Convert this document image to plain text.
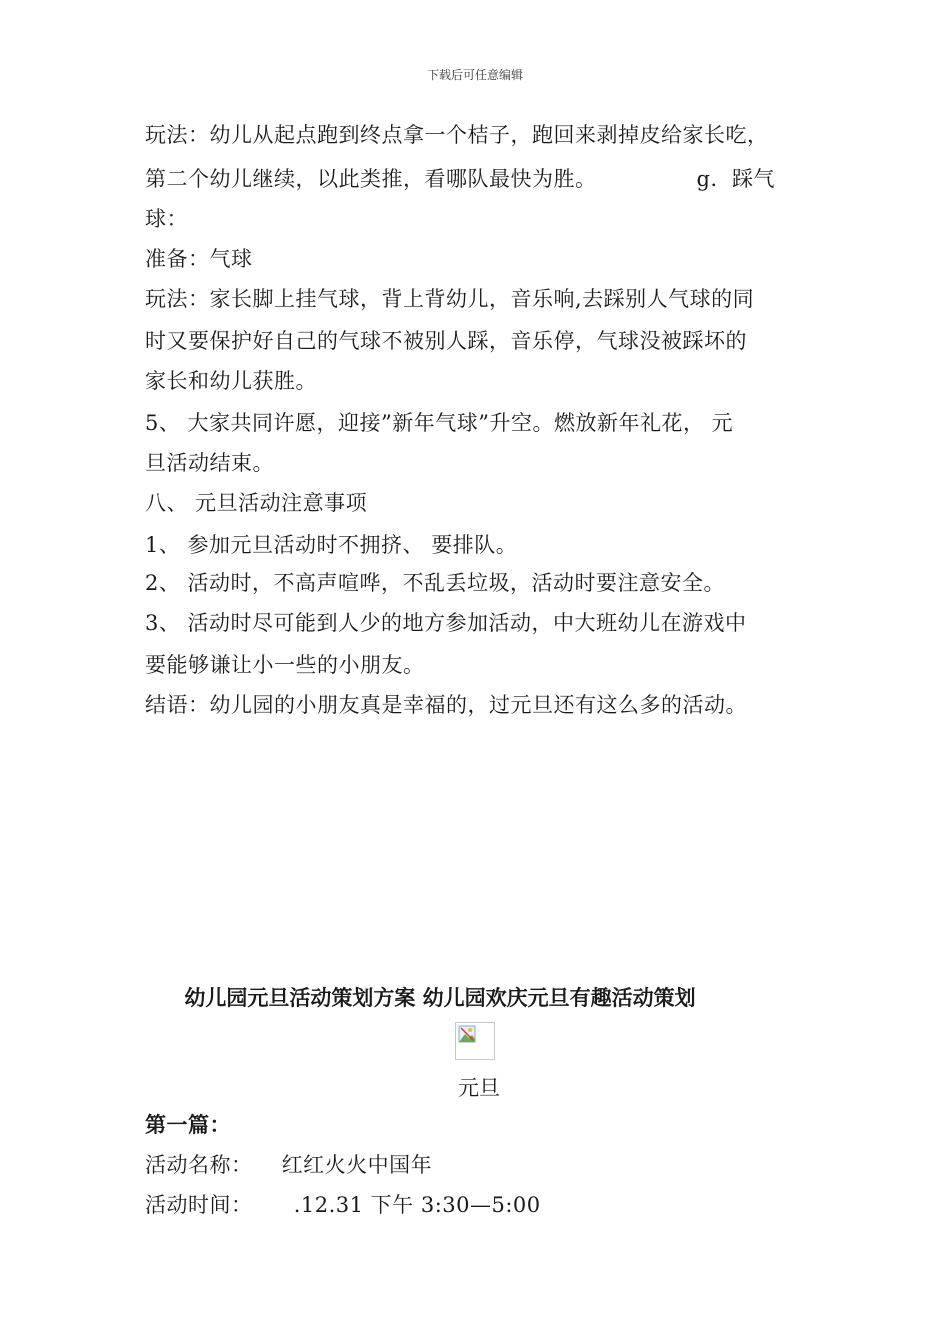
下载后可任意编辑
玩法：幼儿从起点跑到终点拿一个桔子，跑回来剥掉皮给家长吃，
第二个幼儿继续，以此类推，看哪队最快为胜。	g．踩气
球：
准备：气球
玩法：家长脚上挂气球，背上背幼儿，音乐响,去踩别人气球的同
时又要保护好自己的气球不被别人踩，音乐停，气球没被踩坏的
家长和幼儿获胜。
5、 大家共同许愿，迎接”新年气球”升空。燃放新年礼花， 元
旦活动结束。
八、 元旦活动注意事项
1、 参加元旦活动时不拥挤、 要排队。
2、 活动时，不高声喧哗，不乱丢垃圾，活动时要注意安全。
3、 活动时尽可能到人少的地方参加活动，中大班幼儿在游戏中
要能够谦让小一些的小朋友。
结语：幼儿园的小朋友真是幸福的，过元旦还有这么多的活动。
幼儿园元旦活动策划方案 幼儿园欢庆元旦有趣活动策划
元旦
第一篇：
活动名称： 红红火火中国年
活动时间： .12.31 下午 3:30—5:00
